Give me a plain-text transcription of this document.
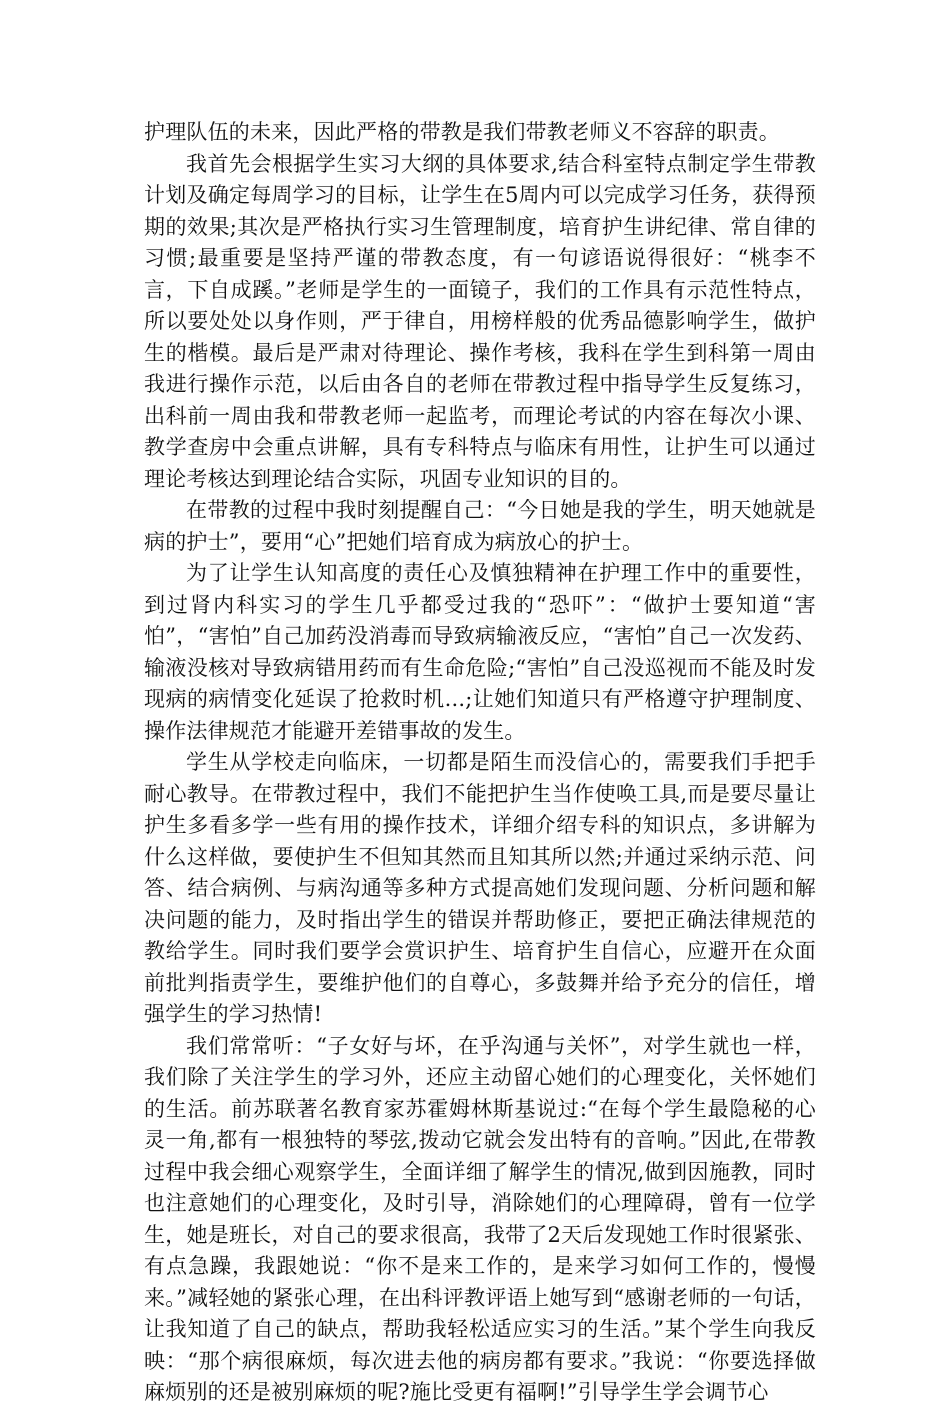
护理队伍的未来，因此严格的带教是我们带教老师义不容辞的职责。

我首先会根据学生实习大纲的具体要求,结合科室特点制定学生带教计划及确定每周学习的目标，让学生在5周内可以完成学习任务，获得预期的效果;其次是严格执行实习生管理制度，培育护生讲纪律、常自律的习惯;最重要是坚持严谨的带教态度，有一句谚语说得很好：“桃李不言，下自成蹊。”老师是学生的一面镜子，我们的工作具有示范性特点，所以要处处以身作则，严于律自，用榜样般的优秀品德影响学生，做护生的楷模。最后是严肃对待理论、操作考核，我科在学生到科第一周由我进行操作示范，以后由各自的老师在带教过程中指导学生反复练习，出科前一周由我和带教老师一起监考，而理论考试的内容在每次小课、教学查房中会重点讲解，具有专科特点与临床有用性，让护生可以通过理论考核达到理论结合实际，巩固专业知识的目的。

在带教的过程中我时刻提醒自己：“今日她是我的学生，明天她就是病的护士”，要用“心”把她们培育成为病放心的护士。

为了让学生认知高度的责任心及慎独精神在护理工作中的重要性，到过肾内科实习的学生几乎都受过我的“恐吓”：“做护士要知道“害怕”，“害怕”自己加药没消毒而导致病输液反应，“害怕”自己一次发药、输液没核对导致病错用药而有生命危险;“害怕”自己没巡视而不能及时发现病的病情变化延误了抢救时机...;让她们知道只有严格遵守护理制度、操作法律规范才能避开差错事故的发生。

学生从学校走向临床，一切都是陌生而没信心的，需要我们手把手耐心教导。在带教过程中，我们不能把护生当作使唤工具,而是要尽量让护生多看多学一些有用的操作技术，详细介绍专科的知识点，多讲解为什么这样做，要使护生不但知其然而且知其所以然;并通过采纳示范、问答、结合病例、与病沟通等多种方式提高她们发现问题、分析问题和解决问题的能力，及时指出学生的错误并帮助修正，要把正确法律规范的教给学生。同时我们要学会赏识护生、培育护生自信心，应避开在众面前批判指责学生，要维护他们的自尊心，多鼓舞并给予充分的信任，增强学生的学习热情!

我们常常听：“子女好与坏，在乎沟通与关怀”，对学生就也一样，我们除了关注学生的学习外，还应主动留心她们的心理变化，关怀她们的生活。前苏联著名教育家苏霍姆林斯基说过:“在每个学生最隐秘的心灵一角,都有一根独特的琴弦,拨动它就会发出特有的音响。”因此,在带教过程中我会细心观察学生，全面详细了解学生的情况,做到因施教，同时也注意她们的心理变化，及时引导，消除她们的心理障碍，曾有一位学生，她是班长，对自己的要求很高，我带了2天后发现她工作时很紧张、有点急躁，我跟她说：“你不是来工作的，是来学习如何工作的，慢慢来。”减轻她的紧张心理，在出科评教评语上她写到“感谢老师的一句话，让我知道了自己的缺点，帮助我轻松适应实习的生活。”某个学生向我反映：“那个病很麻烦，每次进去他的病房都有要求。”我说：“你要选择做麻烦别的还是被别麻烦的呢?施比受更有福啊!”引导学生学会调节心
